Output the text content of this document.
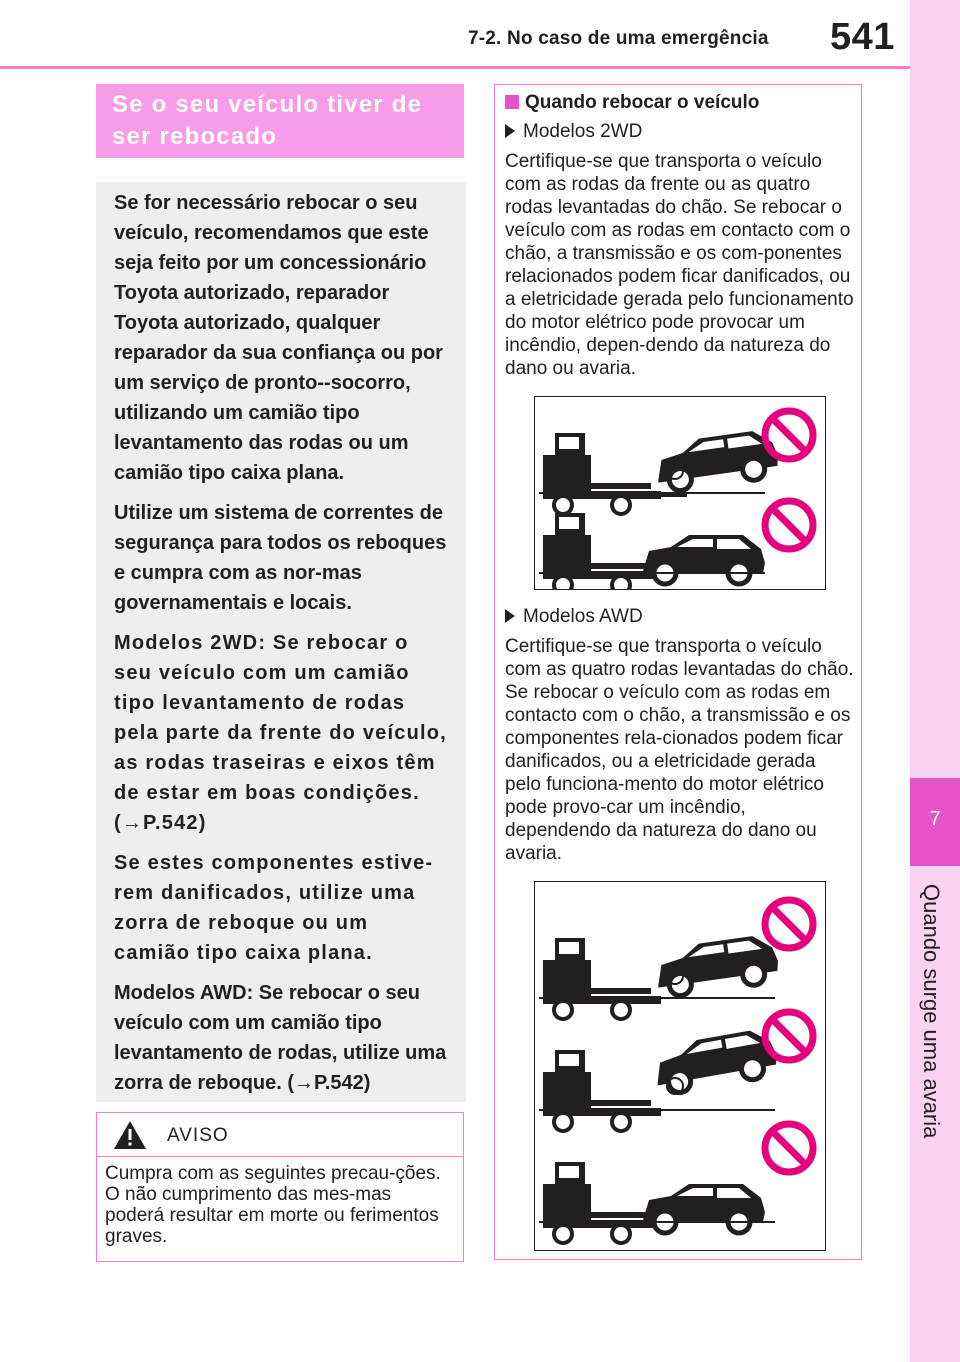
7-2. No caso de uma emergência 541
7
Quando surge uma avaria
Se o seu veículo tiver de ser rebocado

Se for necessário rebocar o seu veículo, recomendamos que este seja feito por um concessionário Toyota autorizado, reparador Toyota autorizado, qualquer reparador da sua confiança ou por um serviço de pronto--socorro, utilizando um camião tipo levantamento das rodas ou um camião tipo caixa plana.

Utilize um sistema de correntes de segurança para todos os reboques e cumpra com as nor-mas governamentais e locais.

Modelos 2WD: Se rebocar o seu veículo com um camião tipo levantamento de rodas pela parte da frente do veículo, as rodas traseiras e eixos têm de estar em boas condições. (→P.542)

Se estes componentes estive-rem danificados, utilize uma zorra de reboque ou um camião tipo caixa plana.

Modelos AWD: Se rebocar o seu veículo com um camião tipo levantamento de rodas, utilize uma zorra de reboque. (→P.542)

AVISO
Cumpra com as seguintes precau-ções. O não cumprimento das mes-mas poderá resultar em morte ou ferimentos graves.
Quando rebocar o veículo
Modelos 2WD
Certifique-se que transporta o veículo com as rodas da frente ou as quatro rodas levantadas do chão. Se rebocar o veículo com as rodas em contacto com o chão, a transmissão e os com-ponentes relacionados podem ficar danificados, ou a eletricidade gerada pelo funcionamento do motor elétrico pode provocar um incêndio, depen-dendo da natureza do dano ou avaria.
Modelos AWD
Certifique-se que transporta o veículo com as quatro rodas levantadas do chão. Se rebocar o veículo com as rodas em contacto com o chão, a transmissão e os componentes rela-cionados podem ficar danificados, ou a eletricidade gerada pelo funciona-mento do motor elétrico pode provo-car um incêndio, dependendo da natureza do dano ou avaria.
